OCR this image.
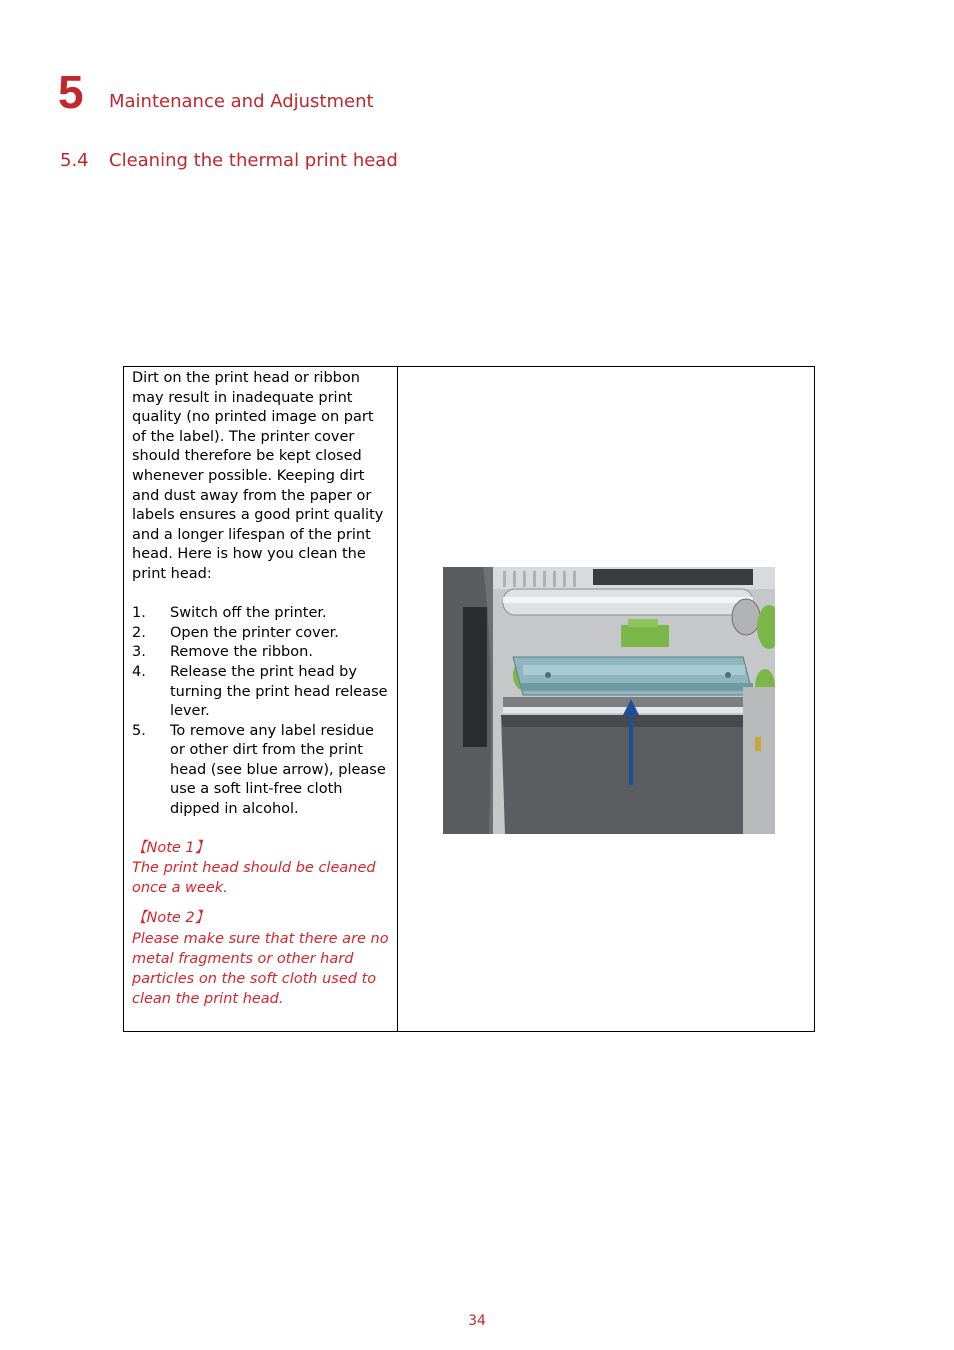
5 Maintenance and Adjustment
5.4 Cleaning the thermal print head

Dirt on the print head or ribbon may result in inadequate print quality (no printed image on part of the label). The printer cover should therefore be kept closed whenever possible. Keeping dirt and dust away from the paper or labels ensures a good print quality and a longer lifespan of the print head. Here is how you clean the print head:

1. Switch off the printer.
2. Open the printer cover.
3. Remove the ribbon.
4. Release the print head by turning the print head release lever.
5. To remove any label residue or other dirt from the print head (see blue arrow), please use a soft lint-free cloth dipped in alcohol.
【Note 1】
The print head should be cleaned once a week.
【Note 2】
Please make sure that there are no metal fragments or other hard particles on the soft cloth used to clean the print head.
34
